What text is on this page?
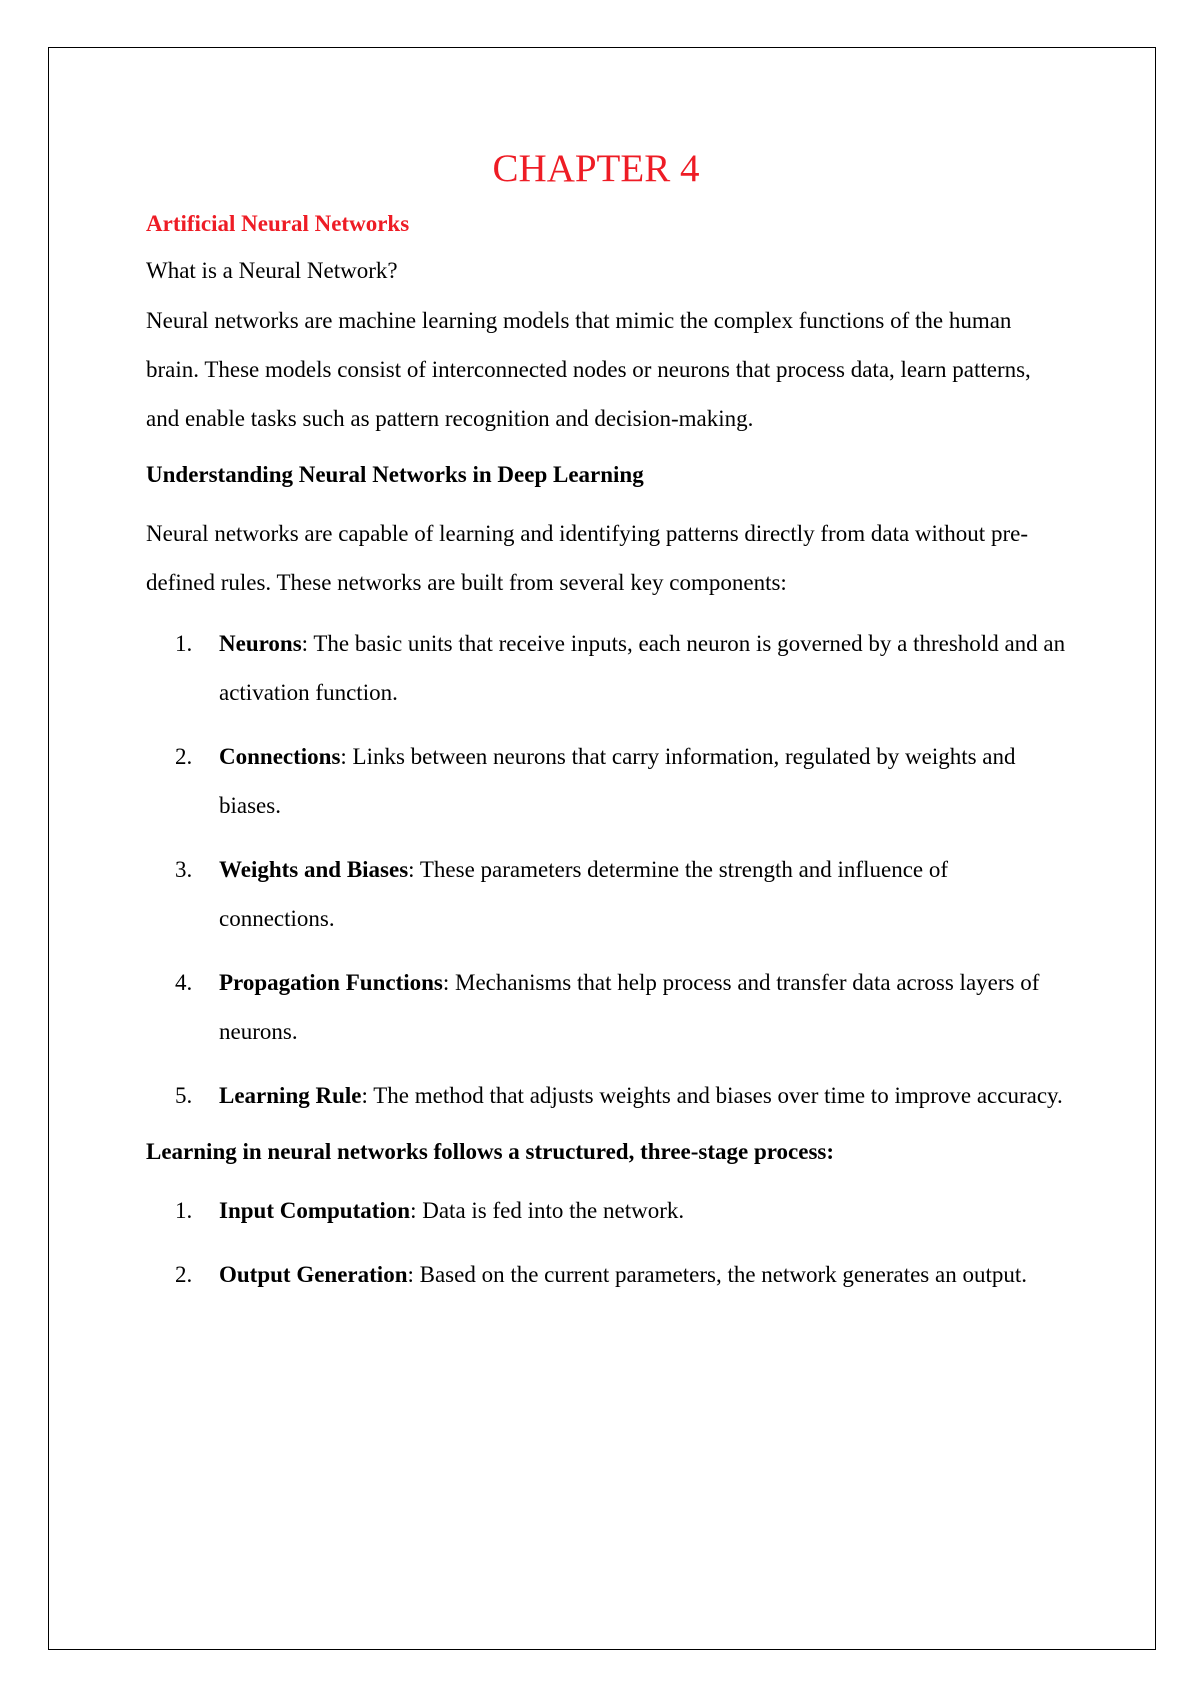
CHAPTER 4
Artificial Neural Networks

What is a Neural Network?

Neural networks are machine learning models that mimic the complex functions of the human brain. These models consist of interconnected nodes or neurons that process data, learn patterns, and enable tasks such as pattern recognition and decision-making.

Understanding Neural Networks in Deep Learning

Neural networks are capable of learning and identifying patterns directly from data without pre-defined rules. These networks are built from several key components:

1. Neurons: The basic units that receive inputs, each neuron is governed by a threshold and an activation function.
2. Connections: Links between neurons that carry information, regulated by weights and biases.
3. Weights and Biases: These parameters determine the strength and influence of connections.
4. Propagation Functions: Mechanisms that help process and transfer data across layers of neurons.
5. Learning Rule: The method that adjusts weights and biases over time to improve accuracy.

Learning in neural networks follows a structured, three-stage process:

1. Input Computation: Data is fed into the network.
2. Output Generation: Based on the current parameters, the network generates an output.
